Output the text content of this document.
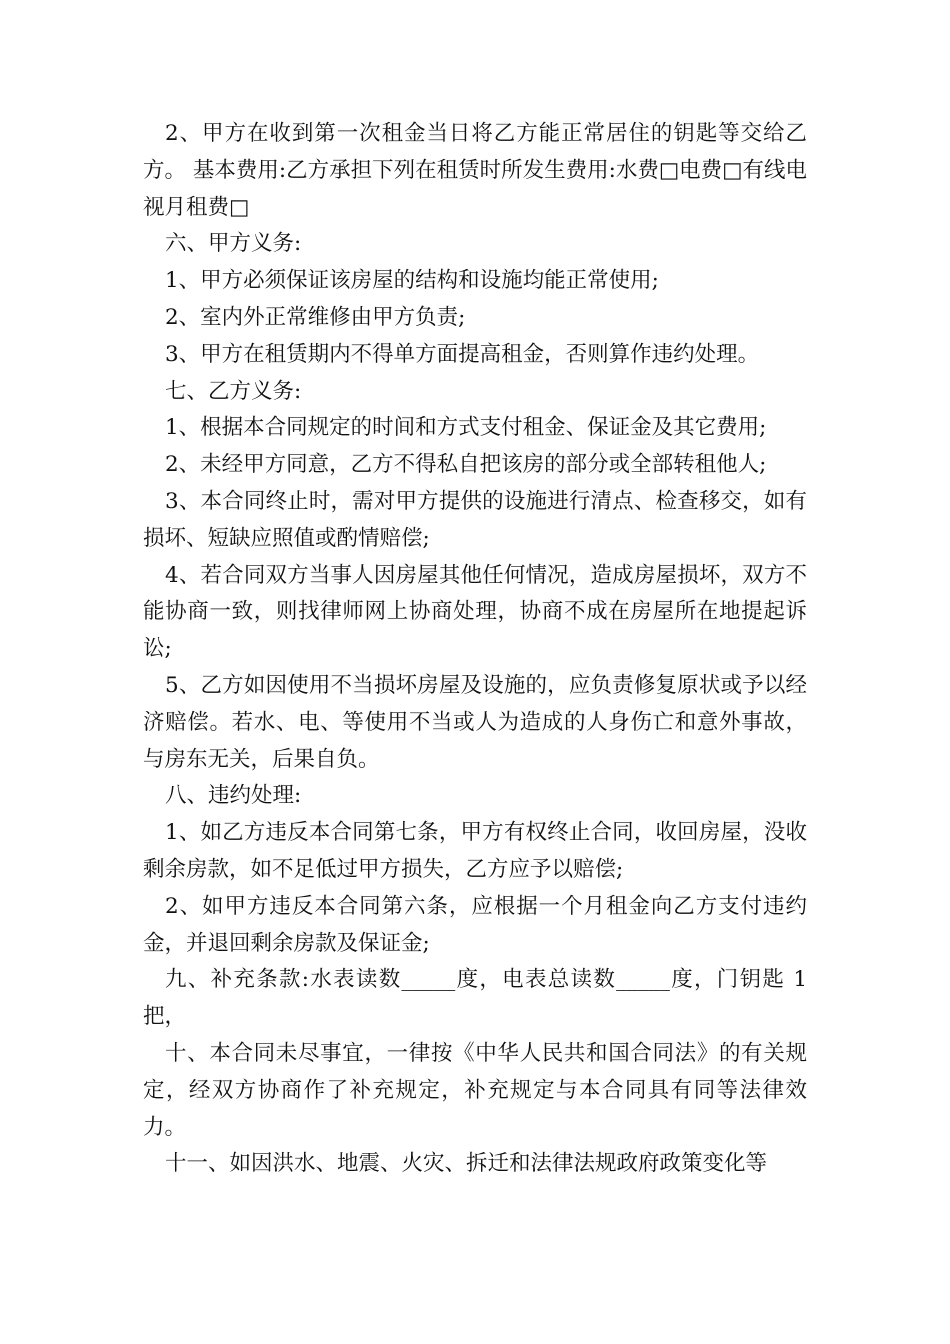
2、甲方在收到第一次租金当日将乙方能正常居住的钥匙等交给乙方。 基本费用:乙方承担下列在租赁时所发生费用:水费□电费□有线电视月租费□

六、甲方义务:

1、甲方必须保证该房屋的结构和设施均能正常使用;

2、室内外正常维修由甲方负责;

3、甲方在租赁期内不得单方面提高租金，否则算作违约处理。

七、乙方义务:

1、根据本合同规定的时间和方式支付租金、保证金及其它费用;

2、未经甲方同意，乙方不得私自把该房的部分或全部转租他人;

3、本合同终止时，需对甲方提供的设施进行清点、检查移交，如有损坏、短缺应照值或酌情赔偿;

4、若合同双方当事人因房屋其他任何情况，造成房屋损坏，双方不能协商一致，则找律师网上协商处理，协商不成在房屋所在地提起诉讼;

5、乙方如因使用不当损坏房屋及设施的，应负责修复原状或予以经济赔偿。若水、电、等使用不当或人为造成的人身伤亡和意外事故，与房东无关，后果自负。

八、违约处理:

1、如乙方违反本合同第七条，甲方有权终止合同，收回房屋，没收剩余房款，如不足低过甲方损失，乙方应予以赔偿;

2、如甲方违反本合同第六条，应根据一个月租金向乙方支付违约金，并退回剩余房款及保证金;

九、补充条款:水表读数_____度，电表总读数_____度，门钥匙 1 把，

十、本合同未尽事宜，一律按《中华人民共和国合同法》的有关规定，经双方协商作了补充规定，补充规定与本合同具有同等法律效力。

十一、如因洪水、地震、火灾、拆迁和法律法规政府政策变化等
